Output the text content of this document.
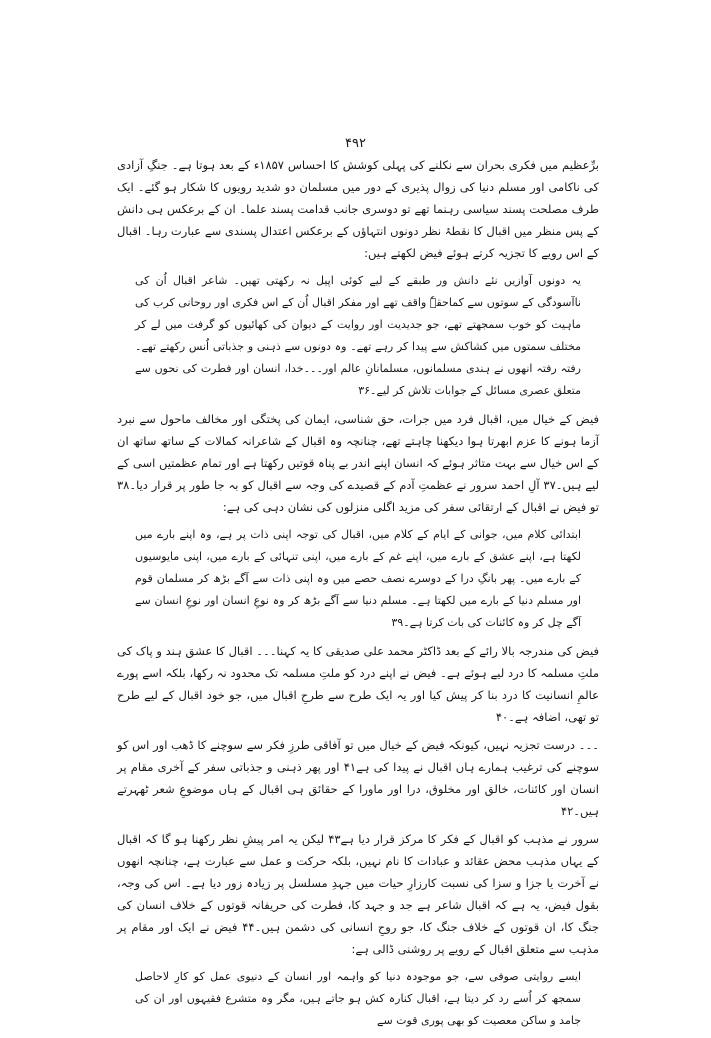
۴۹۲

برِّعظیم میں فکری بحران سے نکلنے کی پہلی کوشش کا احساس ۱۸۵۷ء کے بعد ہوتا ہے۔ جنگِ آزادی کی ناکامی اور مسلم دنیا کی زوال پذیری کے دور میں مسلمان دو شدید رویوں کا شکار ہو گئے۔ ایک طرف مصلحت پسند سیاسی رہنما تھے تو دوسری جانب قدامت پسند علما۔ ان کے برعکس ہی دانش کے پس منظر میں اقبال کا نقطۂ نظر دونوں انتہاؤں کے برعکس اعتدال پسندی سے عبارت رہا۔ اقبال کے اس رویے کا تجزیہ کرتے ہوئے فیض لکھتے ہیں:

یہ دونوں آوازیں نئے دانش ور طبقے کے لیے کوئی اپیل نہ رکھتی تھیں۔ شاعر اقبال اُن کی ناآسودگی کے سوتوں سے کماحقہٗ واقف تھے اور مفکر اقبال اُن کے اس فکری اور روحانی کرب کی ماہیت کو خوب سمجھتے تھے، جو جدیدیت اور روایت کے دیوان کی کھائیوں کو گرفت میں لے کر مختلف سمتوں میں کشاکش سے پیدا کر رہے تھے۔ وہ دونوں سے ذہنی و جذباتی اُنس رکھتے تھے۔ رفتہ رفتہ انھوں نے ہندی مسلمانوں، مسلمانانِ عالم اور۔۔۔خدا، انسان اور فطرت کی نحوں سے متعلق عصری مسائل کے جوابات تلاش کر لیے۔۳۶

فیض کے خیال میں، اقبال فرد میں جرات، حق شناسی، ایمان کی پختگی اور مخالف ماحول سے نبرد آزما ہونے کا عزم ابھرتا ہوا دیکھنا چاہتے تھے، چنانچہ وہ اقبال کے شاعرانہ کمالات کے ساتھ ساتھ ان کے اس خیال سے بہت متاثر ہوئے کہ انسان اپنے اندر بے پناہ قوتیں رکھتا ہے اور تمام عظمتیں اسی کے لیے ہیں۔۳۷ آلِ احمد سرور نے عظمتِ آدم کے قصیدے کی وجہ سے اقبال کو بہ جا طور پر قرار دیا۔۳۸ تو فیض نے اقبال کے ارتقائی سفر کی مزید اگلی منزلوں کی نشان دہی کی ہے:

ابتدائی کلام میں، جوانی کے ایام کے کلام میں، اقبال کی توجہ اپنی ذات پر ہے، وہ اپنے بارے میں لکھتا ہے، اپنے عشق کے بارے میں، اپنے غم کے بارے میں، اپنی تنہائی کے بارے میں، اپنی مایوسیوں کے بارے میں۔ پھر بانگِ درا کے دوسرے نصف حصے میں وہ اپنی ذات سے آگے بڑھ کر مسلمان قوم اور مسلم دنیا کے بارے میں لکھتا ہے۔ مسلم دنیا سے آگے بڑھ کر وہ نوعِ انسان اور نوعِ انسان سے آگے چل کر وہ کائنات کی بات کرتا ہے۔۳۹

فیض کی مندرجہ بالا رائے کے بعد ڈاکٹر محمد علی صدیقی کا یہ کہنا۔۔۔ اقبال کا عشق ہند و پاک کی ملتِ مسلمہ کا درد لیے ہوئے ہے۔ فیض نے اپنے درد کو ملتِ مسلمہ تک محدود نہ رکھا، بلکہ اسے پورے عالمِ انسانیت کا درد بنا کر پیش کیا اور یہ ایک طرح سے طرحِ اقبال میں، جو خود اقبال کے لیے طرح تو تھی، اضافہ ہے۔۴۰

۔۔۔ درست تجزیہ نہیں، کیونکہ فیض کے خیال میں تو آفاقی طرزِ فکر سے سوچنے کا ڈھب اور اس کو سوچنے کی ترغیب ہمارے ہاں اقبال نے پیدا کی ہے۴۱ اور پھر ذہنی و جذباتی سفر کے آخری مقام پر انسان اور کائنات، خالق اور مخلوق، درا اور ماورا کے حقائق ہی اقبال کے ہاں موضوعِ شعر ٹھہرتے ہیں۔۴۲

سرور نے مذہب کو اقبال کے فکر کا مرکز قرار دیا ہے۴۳ لیکن یہ امر پیشِ نظر رکھنا ہو گا کہ اقبال کے یہاں مذہب محض عقائد و عبادات کا نام نہیں، بلکہ حرکت و عمل سے عبارت ہے، چنانچہ انھوں نے آخرت یا جزا و سزا کی نسبت کارزارِ حیات میں جہدِ مسلسل پر زیادہ زور دیا ہے۔ اس کی وجہ، بقول فیض، یہ ہے کہ اقبال شاعر ہے جد و جہد کا، فطرت کی حریفانہ قوتوں کے خلاف انسان کی جنگ کا، ان قوتوں کے خلاف جنگ کا، جو روحِ انسانی کی دشمن ہیں۔۴۴ فیض نے ایک اور مقام پر مذہب سے متعلق اقبال کے رویے پر روشنی ڈالی ہے:

ایسے روایتی صوفی سے، جو موجودہ دنیا کو واہمہ اور انسان کے دنیوی عمل کو کارِ لاحاصل سمجھ کر اُسے رد کر دیتا ہے، اقبال کنارہ کش ہو جاتے ہیں، مگر وہ متشرع فقیہوں اور ان کی جامد و ساکن معصیت کو بھی پوری قوت سے
